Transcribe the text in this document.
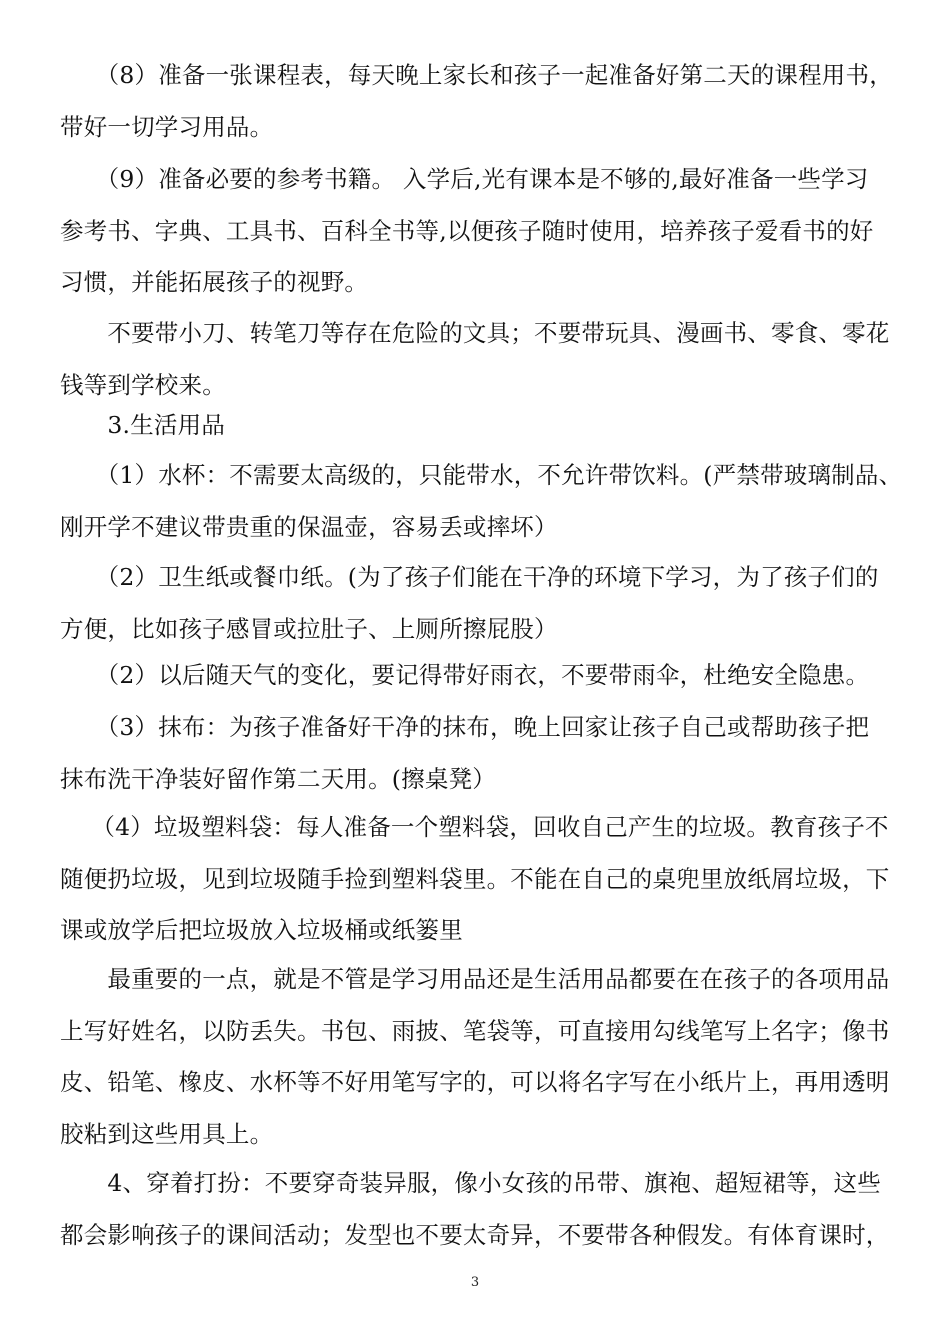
　　（8）准备一张课程表，每天晚上家长和孩子一起准备好第二天的课程用书，
带好一切学习用品。
　　（9）准备必要的参考书籍。 入学后,光有课本是不够的,最好准备一些学习
参考书、字典、工具书、百科全书等,以便孩子随时使用，培养孩子爱看书的好
习惯，并能拓展孩子的视野。
　　不要带小刀、转笔刀等存在危险的文具；不要带玩具、漫画书、零食、零花
钱等到学校来。
　　3.生活用品
　　（1）水杯：不需要太高级的，只能带水，不允许带饮料。(严禁带玻璃制品、
刚开学不建议带贵重的保温壶，容易丢或摔坏）
　　（2）卫生纸或餐巾纸。(为了孩子们能在干净的环境下学习，为了孩子们的
方便，比如孩子感冒或拉肚子、上厕所擦屁股）
　　（2）以后随天气的变化，要记得带好雨衣，不要带雨伞，杜绝安全隐患。
　　（3）抹布：为孩子准备好干净的抹布，晚上回家让孩子自己或帮助孩子把
抹布洗干净装好留作第二天用。(擦桌凳）
　 （4）垃圾塑料袋：每人准备一个塑料袋，回收自己产生的垃圾。教育孩子不
随便扔垃圾，见到垃圾随手捡到塑料袋里。不能在自己的桌兜里放纸屑垃圾，下
课或放学后把垃圾放入垃圾桶或纸篓里
　　最重要的一点，就是不管是学习用品还是生活用品都要在在孩子的各项用品
上写好姓名，以防丢失。书包、雨披、笔袋等，可直接用勾线笔写上名字；像书
皮、铅笔、橡皮、水杯等不好用笔写字的，可以将名字写在小纸片上，再用透明
胶粘到这些用具上。
　　4、穿着打扮：不要穿奇装异服，像小女孩的吊带、旗袍、超短裙等，这些
都会影响孩子的课间活动；发型也不要太奇异，不要带各种假发。有体育课时，
3
